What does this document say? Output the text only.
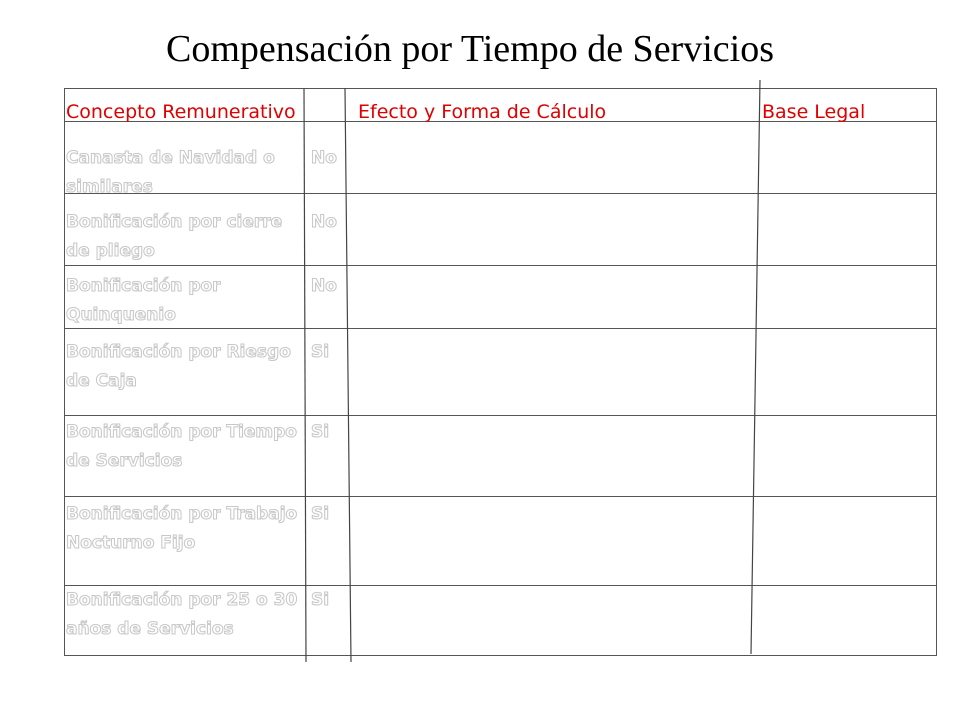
Compensación por Tiempo de Servicios
Concepto Remunerativo	Efecto y Forma de Cálculo	Base Legal
Canasta de Navidad o similares
No
Bonificación por cierre de pliego
No
Bonificación por Quinquenio
No
Bonificación por Riesgo de Caja
Si
Bonificación por Tiempo de Servicios
Si
Bonificación por Trabajo Nocturno Fijo
Si
Bonificación por 25 o 30 años de Servicios
Si
